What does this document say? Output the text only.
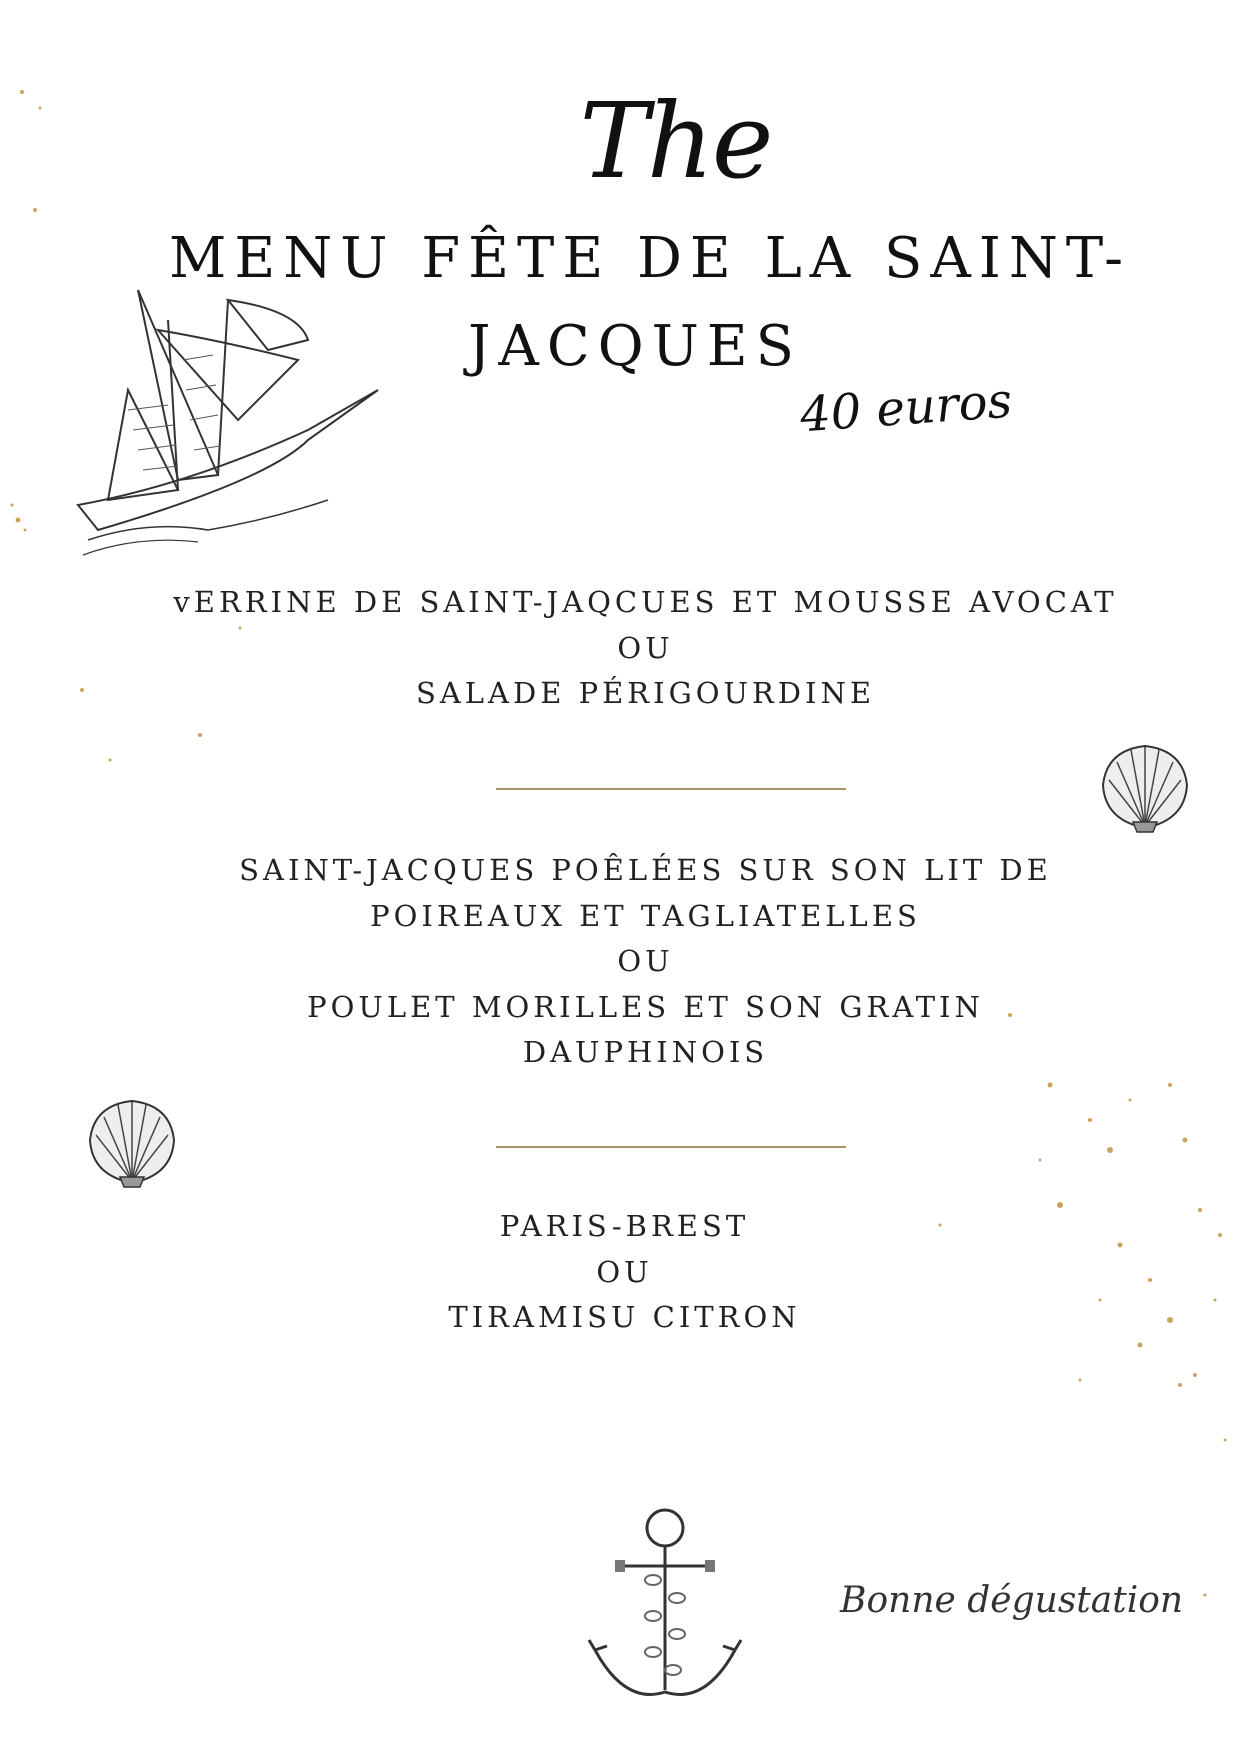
The
MENU FÊTE DE LA SAINT-
JACQUES
40 euros
vERRINE DE SAINT-JAQCUES ET MOUSSE AVOCAT
OU
SALADE PÉRIGOURDINE
SAINT-JACQUES POÊLÉES SUR SON LIT DE
POIREAUX ET TAGLIATELLES
OU
POULET MORILLES ET SON GRATIN
DAUPHINOIS
PARIS-BREST
OU
TIRAMISU CITRON
Bonne dégustation
